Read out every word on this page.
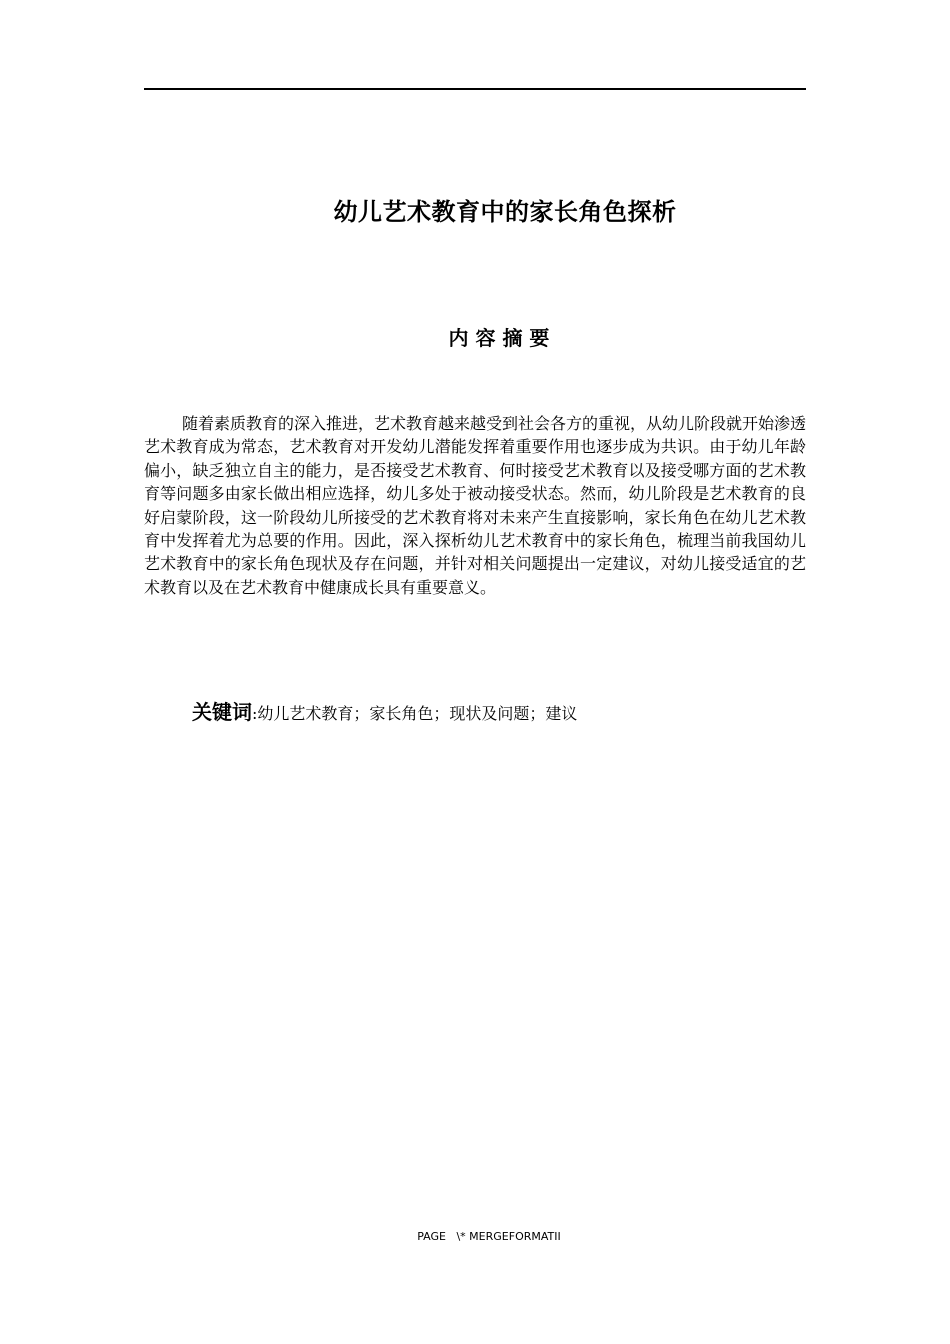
幼儿艺术教育中的家长角色探析
内 容 摘 要

随着素质教育的深入推进，艺术教育越来越受到社会各方的重视，从幼儿阶段就开始渗透艺术教育成为常态，艺术教育对开发幼儿潜能发挥着重要作用也逐步成为共识。由于幼儿年龄偏小，缺乏独立自主的能力，是否接受艺术教育、何时接受艺术教育以及接受哪方面的艺术教育等问题多由家长做出相应选择，幼儿多处于被动接受状态。然而，幼儿阶段是艺术教育的良好启蒙阶段，这一阶段幼儿所接受的艺术教育将对未来产生直接影响，家长角色在幼儿艺术教育中发挥着尤为总要的作用。因此，深入探析幼儿艺术教育中的家长角色，梳理当前我国幼儿艺术教育中的家长角色现状及存在问题，并针对相关问题提出一定建议，对幼儿接受适宜的艺术教育以及在艺术教育中健康成长具有重要意义。

关键词:幼儿艺术教育；家长角色；现状及问题；建议

PAGE   \* MERGEFORMATII
